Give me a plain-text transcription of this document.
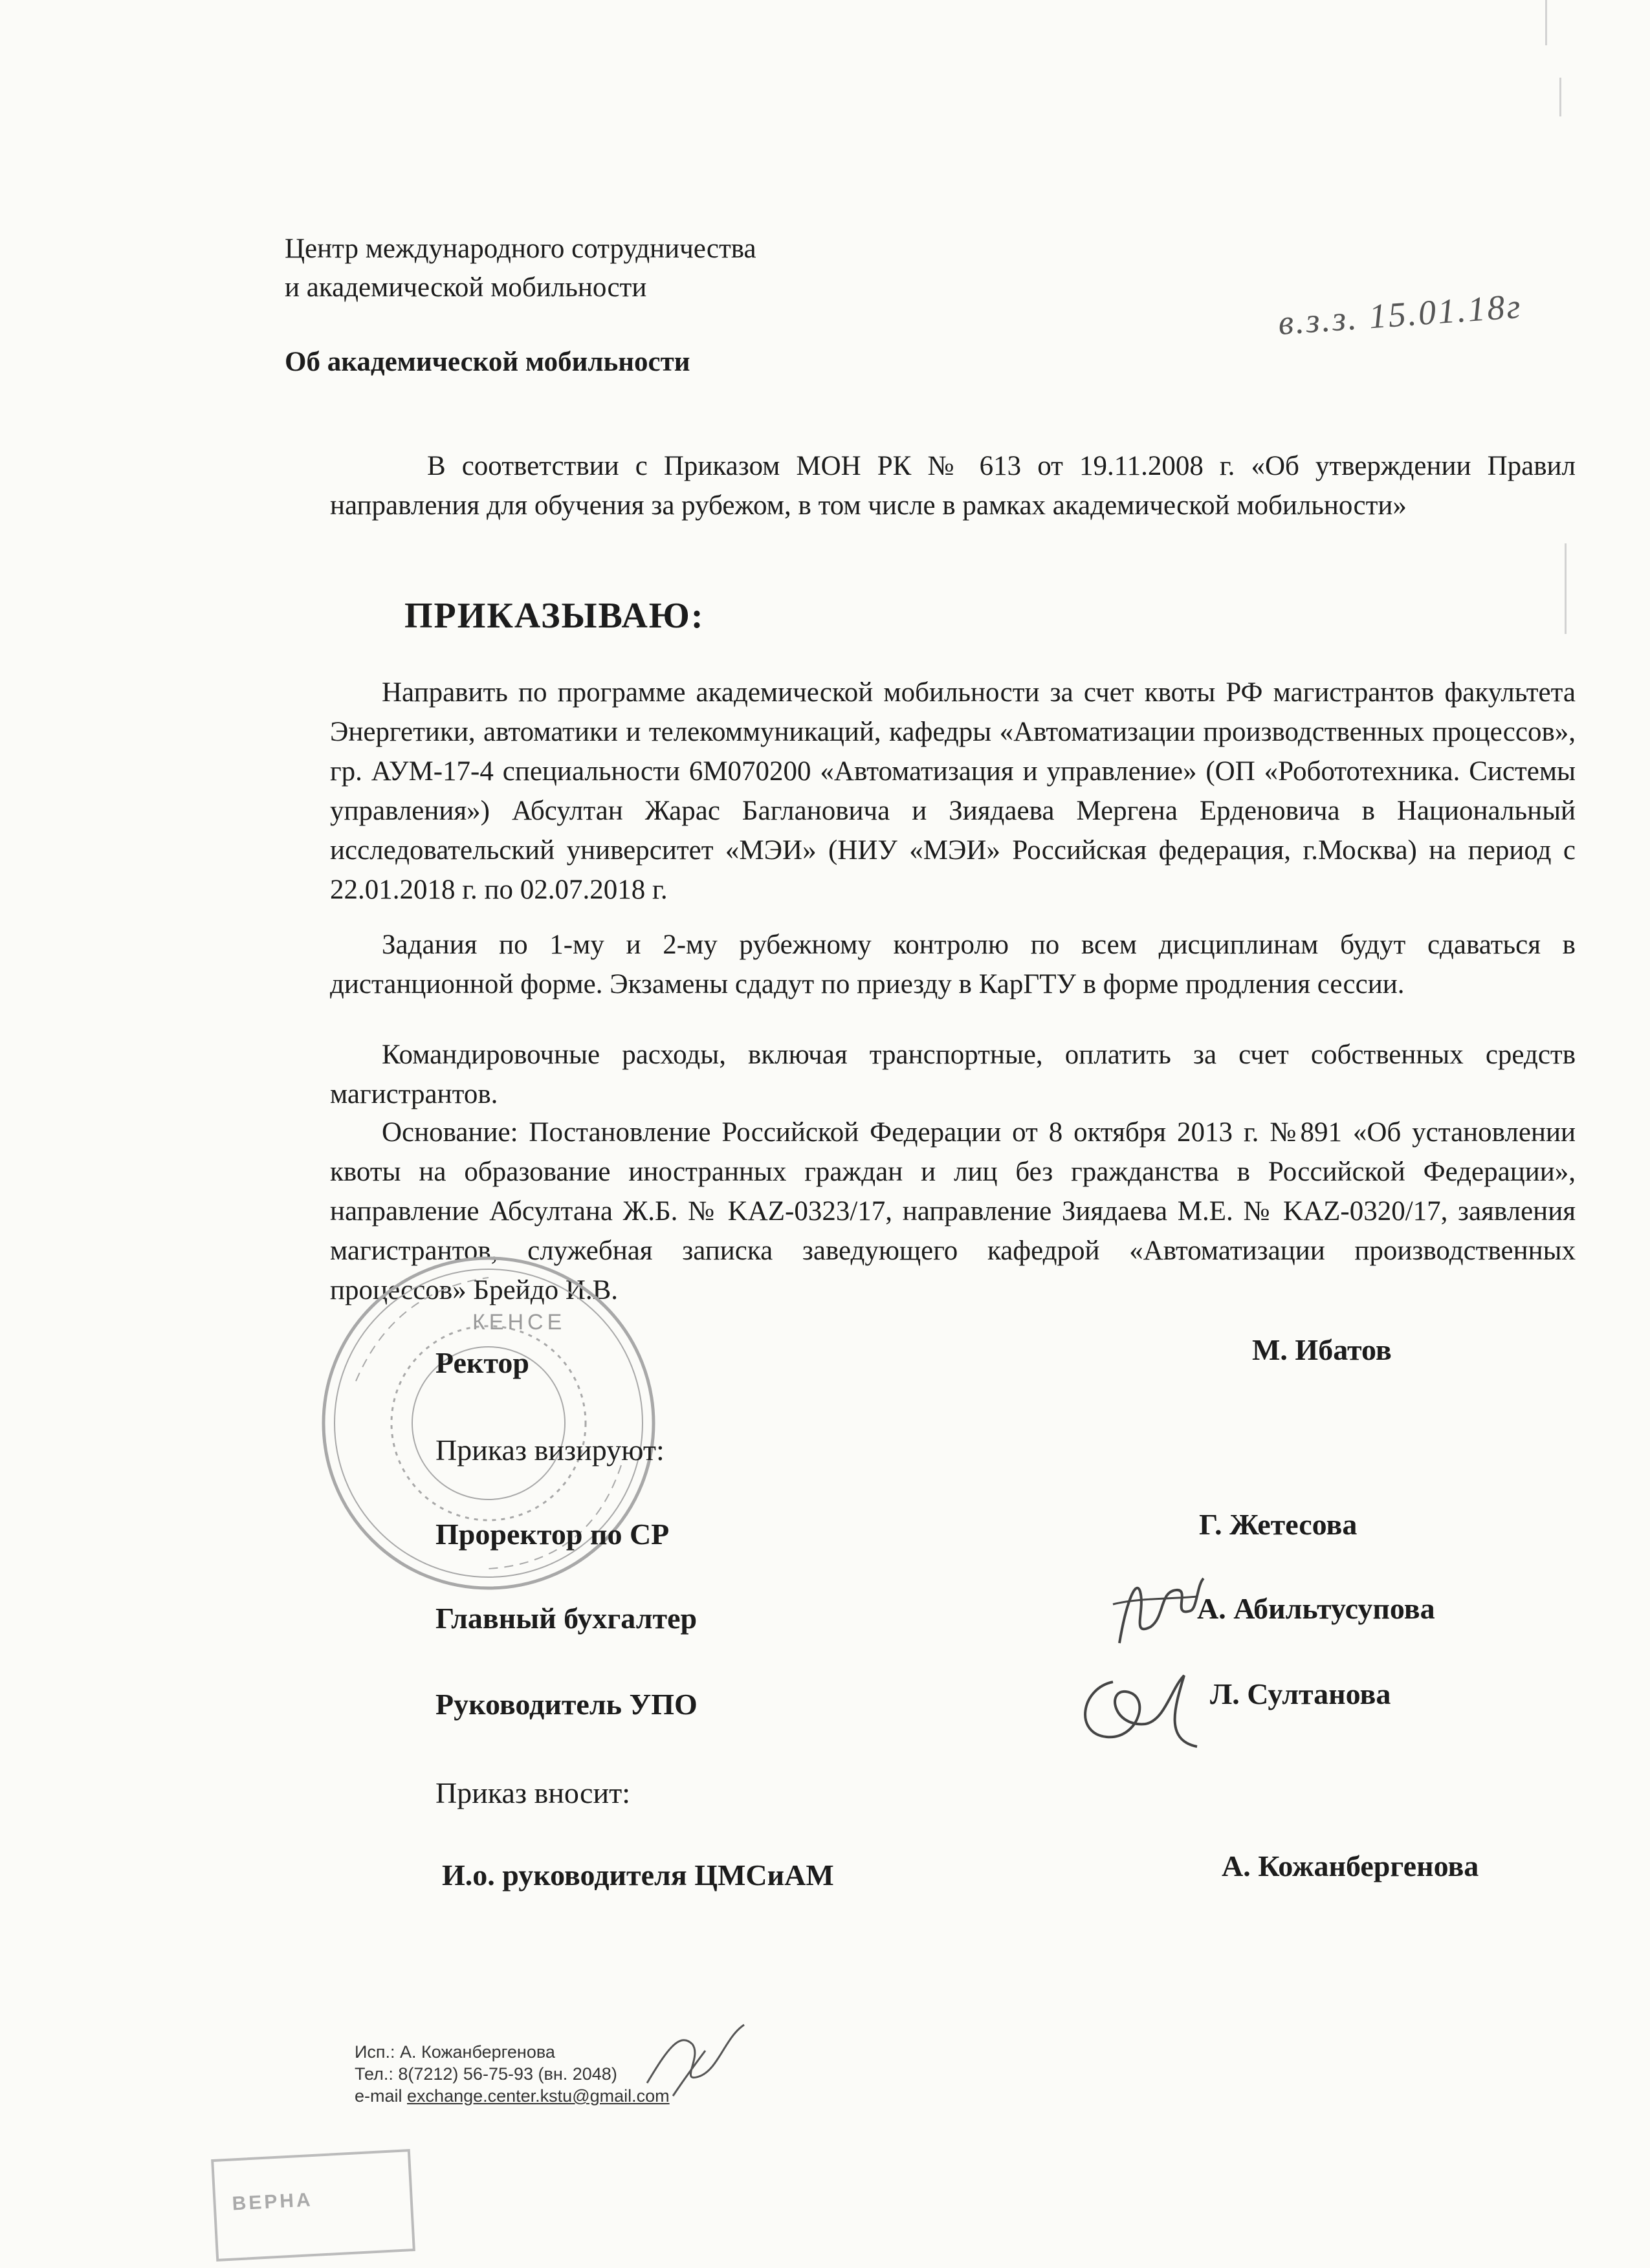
Центр международного сотрудничества
и академической мобильности	в.з.з. 15.01.18г
Об академической мобильности

В соответствии с Приказом МОН РК № 613 от 19.11.2008 г. «Об утверждении Правил направления для обучения за рубежом, в том числе в рамках академической мобильности»

ПРИКАЗЫВАЮ:

Направить по программе академической мобильности за счет квоты РФ магистрантов факультета Энергетики, автоматики и телекоммуникаций, кафедры «Автоматизации производственных процессов», гр. АУМ-17-4 специальности 6М070200 «Автоматизация и управление» (ОП «Робототехника. Системы управления») Абсултан Жарас Баглановича и Зиядаева Мергена Ерденовича в Национальный исследовательский университет «МЭИ» (НИУ «МЭИ» Российская федерация, г.Москва) на период с 22.01.2018 г. по 02.07.2018 г.

Задания по 1-му и 2-му рубежному контролю по всем дисциплинам будут сдаваться в дистанционной форме. Экзамены сдадут по приезду в КарГТУ в форме продления сессии.

Командировочные расходы, включая транспортные, оплатить за счет собственных средств магистрантов.

Основание: Постановление Российской Федерации от 8 октября 2013 г. №891 «Об установлении квоты на образование иностранных граждан и лиц без гражданства в Российской Федерации», направление Абсултана Ж.Б. № KAZ-0323/17, направление Зиядаева М.Е. № KAZ-0320/17, заявления магистрантов, служебная записка заведующего кафедрой «Автоматизации производственных процессов» Брейдо И.В.

КЕНСЕ
Ректор	М. Ибатов
Приказ визируют:
Проректор по СР	Г. Жетесова
Главный бухгалтер	А. Абильтусупова
Руководитель УПО	Л. Султанова
Приказ вносит:
И.о. руководителя ЦМСиАМ	А. Кожанбергенова
Исп.: А. Кожанбергенова
Тел.: 8(7212) 56-75-93 (вн. 2048)
e-mail exchange.center.kstu@gmail.com
ВЕРНА
